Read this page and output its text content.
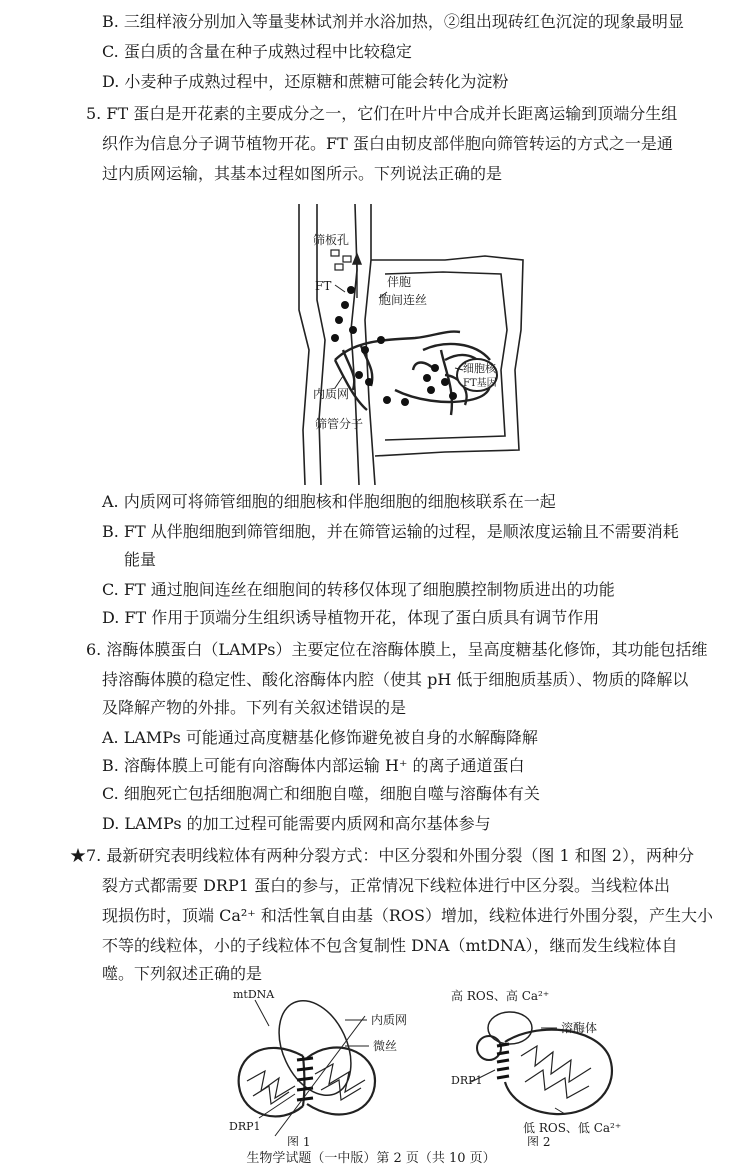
B. 三组样液分别加入等量斐林试剂并水浴加热，②组出现砖红色沉淀的现象最明显
C. 蛋白质的含量在种子成熟过程中比较稳定
D. 小麦种子成熟过程中，还原糖和蔗糖可能会转化为淀粉
5. FT 蛋白是开花素的主要成分之一，它们在叶片中合成并长距离运输到顶端分生组
织作为信息分子调节植物开花。FT 蛋白由韧皮部伴胞向筛管转运的方式之一是通
过内质网运输，其基本过程如图所示。下列说法正确的是
筛板孔
FT	伴胞
胞间连丝
细胞核
FT基因
内质网
筛管分子
A. 内质网可将筛管细胞的细胞核和伴胞细胞的细胞核联系在一起
B. FT 从伴胞细胞到筛管细胞，并在筛管运输的过程，是顺浓度运输且不需要消耗
能量
C. FT 通过胞间连丝在细胞间的转移仅体现了细胞膜控制物质进出的功能
D. FT 作用于顶端分生组织诱导植物开花，体现了蛋白质具有调节作用
6. 溶酶体膜蛋白（LAMPs）主要定位在溶酶体膜上，呈高度糖基化修饰，其功能包括维
持溶酶体膜的稳定性、酸化溶酶体内腔（使其 pH 低于细胞质基质）、物质的降解以
及降解产物的外排。下列有关叙述错误的是
A. LAMPs 可能通过高度糖基化修饰避免被自身的水解酶降解
B. 溶酶体膜上可能有向溶酶体内部运输 H⁺ 的离子通道蛋白
C. 细胞死亡包括细胞凋亡和细胞自噬，细胞自噬与溶酶体有关
D. LAMPs 的加工过程可能需要内质网和高尔基体参与
★7. 最新研究表明线粒体有两种分裂方式：中区分裂和外围分裂（图 1 和图 2），两种分
裂方式都需要 DRP1 蛋白的参与，正常情况下线粒体进行中区分裂。当线粒体出
现损伤时，顶端 Ca²⁺ 和活性氧自由基（ROS）增加，线粒体进行外围分裂，产生大小
不等的线粒体，小的子线粒体不包含复制性 DNA（mtDNA），继而发生线粒体自
噬。下列叙述正确的是
mtDNA
内质网
微丝
DRP1
图 1
高 ROS、高 Ca²⁺
溶酶体
DRP1
低 ROS、低 Ca²⁺
图 2
生物学试题（一中版）第 2 页（共 10 页）
